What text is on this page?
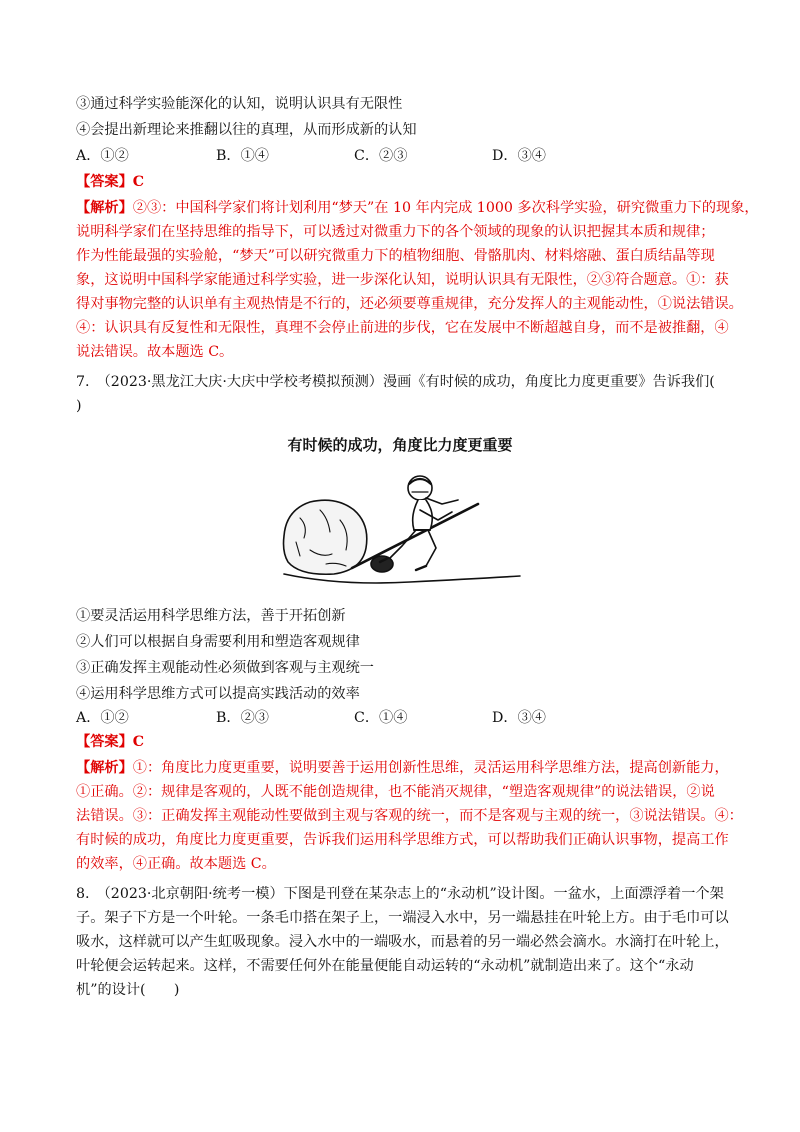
③通过科学实验能深化的认知，说明认识具有无限性
④会提出新理论来推翻以往的真理，从而形成新的认知
A．①②	B．①④	C．②③	D．③④
【答案】C
【解析】②③：中国科学家们将计划利用“梦天”在 10 年内完成 1000 多次科学实验，研究微重力下的现象，
说明科学家们在坚持思维的指导下，可以透过对微重力下的各个领域的现象的认识把握其本质和规律；
作为性能最强的实验舱，“梦天”可以研究微重力下的植物细胞、骨骼肌肉、材料熔融、蛋白质结晶等现
象，这说明中国科学家能通过科学实验，进一步深化认知，说明认识具有无限性，②③符合题意。①：获
得对事物完整的认识单有主观热情是不行的，还必须要尊重规律，充分发挥人的主观能动性，①说法错误。
④：认识具有反复性和无限性，真理不会停止前进的步伐，它在发展中不断超越自身，而不是被推翻，④
说法错误。故本题选 C。
7.　（2023·黑龙江大庆·大庆中学校考模拟预测）漫画《有时候的成功，角度比力度更重要》告诉我们(
)
有时候的成功，角度比力度更重要
①要灵活运用科学思维方法，善于开拓创新
②人们可以根据自身需要利用和塑造客观规律
③正确发挥主观能动性必须做到客观与主观统一
④运用科学思维方式可以提高实践活动的效率
A．①②	B．②③	C．①④	D．③④
【答案】C
【解析】①：角度比力度更重要，说明要善于运用创新性思维，灵活运用科学思维方法，提高创新能力，
①正确。②：规律是客观的，人既不能创造规律，也不能消灭规律，“塑造客观规律”的说法错误，②说
法错误。③：正确发挥主观能动性要做到主观与客观的统一，而不是客观与主观的统一，③说法错误。④：
有时候的成功，角度比力度更重要，告诉我们运用科学思维方式，可以帮助我们正确认识事物，提高工作
的效率，④正确。故本题选 C。
8.　（2023·北京朝阳·统考一模）下图是刊登在某杂志上的“永动机”设计图。一盆水，上面漂浮着一个架
子。架子下方是一个叶轮。一条毛巾搭在架子上，一端浸入水中，另一端悬挂在叶轮上方。由于毛巾可以
吸水，这样就可以产生虹吸现象。浸入水中的一端吸水，而悬着的另一端必然会滴水。水滴打在叶轮上，
叶轮便会运转起来。这样，不需要任何外在能量便能自动运转的“永动机”就制造出来了。这个“永动
机”的设计(　　)
